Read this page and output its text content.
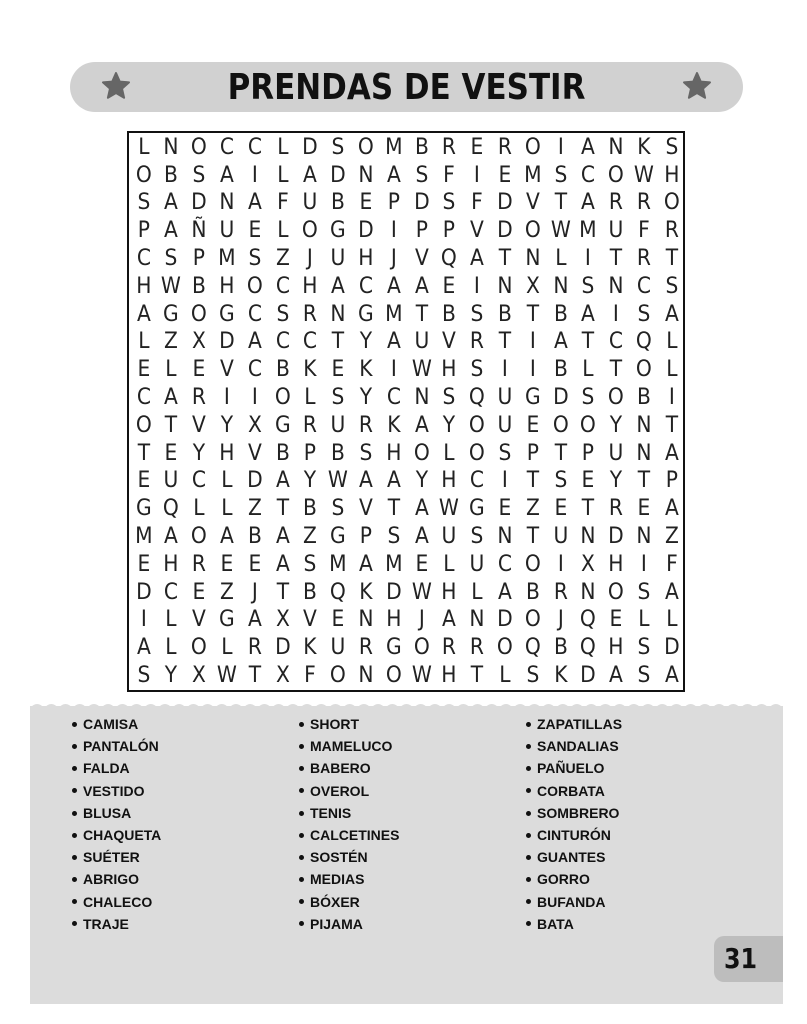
PRENDAS DE VESTIR
L N O C C L D S O M B R E R O I A N K S
O B S A I L A D N A S F I E M S C O W H
S A D N A F U B E P D S F D V T A R R O
P A Ñ U E L O G D I P P V D O W M U F R
C S P M S Z J U H J V Q A T N L I T R T
H W B H O C H A C A A E I N X N S N C S
A G O G C S R N G M T B S B T B A I S A
L Z X D A C C T Y A U V R T I A T C Q L
E L E V C B K E K I W H S I I B L T O L
C A R I I O L S Y C N S Q U G D S O B I
O T V Y X G R U R K A Y O U E O O Y N T
T E Y H V B P B S H O L O S P T P U N A
E U C L D A Y W A A Y H C I T S E Y T P
G Q L L Z T B S V T A W G E Z E T R E A
M A O A B A Z G P S A U S N T U N D N Z
E H R E E A S M A M E L U C O I X H I F
D C E Z J T B Q K D W H L A B R N O S A
I L V G A X V E N H J A N D O J Q E L L
A L O L R D K U R G O R R O Q B Q H S D
S Y X W T X F O N O W H T L S K D A S A
CAMISA
PANTALÓN
FALDA
VESTIDO
BLUSA
CHAQUETA
SUÉTER
ABRIGO
CHALECO
TRAJE
SHORT
MAMELUCO
BABERO
OVEROL
TENIS
CALCETINES
SOSTÉN
MEDIAS
BÓXER
PIJAMA
ZAPATILLAS
SANDALIAS
PAÑUELO
CORBATA
SOMBRERO
CINTURÓN
GUANTES
GORRO
BUFANDA
BATA
31
